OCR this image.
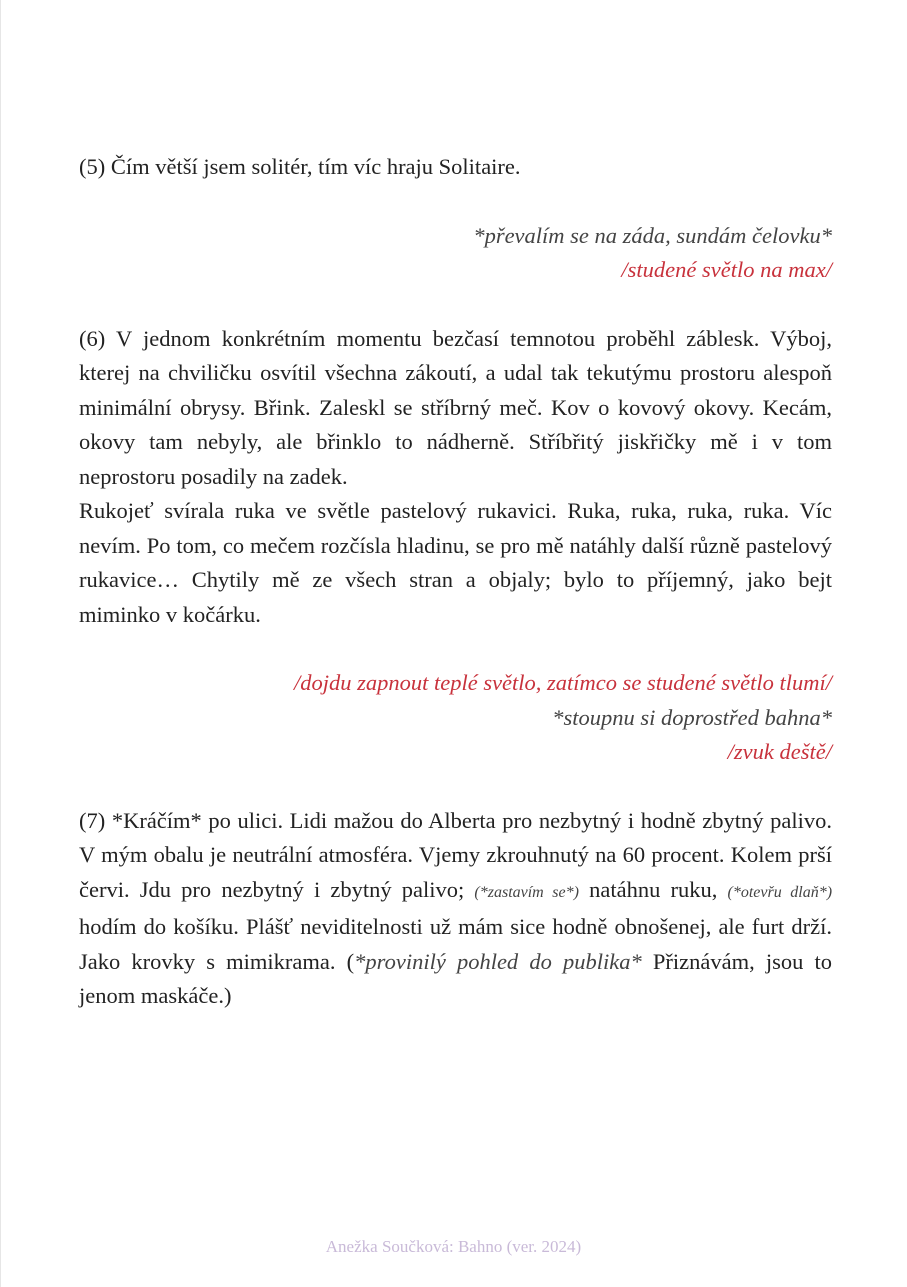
(5) Čím větší jsem solitér, tím víc hraju Solitaire.

*převalím se na záda, sundám čelovku*

/studené světlo na max/

(6) V jednom konkrétním momentu bezčasí temnotou proběhl záblesk. Výboj, kterej na chviličku osvítil všechna zákoutí, a udal tak tekutýmu prostoru alespoň minimální obrysy. Břink. Zaleskl se stříbrný meč. Kov o kovový okovy. Kecám, okovy tam nebyly, ale břinklo to nádherně. Stříbřitý jiskřičky mě i v tom neprostoru posadily na zadek.

Rukojeť svírala ruka ve světle pastelový rukavici. Ruka, ruka, ruka, ruka. Víc nevím. Po tom, co mečem rozčísla hladinu, se pro mě natáhly další různě pastelový rukavice… Chytily mě ze všech stran a objaly; bylo to příjemný, jako bejt miminko v kočárku.

/dojdu zapnout teplé světlo, zatímco se studené světlo tlumí/

*stoupnu si doprostřed bahna*

/zvuk deště/

(7) *Kráčím* po ulici. Lidi mažou do Alberta pro nezbytný i hodně zbytný palivo. V mým obalu je neutrální atmosféra. Vjemy zkrouhnutý na 60 procent. Kolem prší červi. Jdu pro nezbytný i zbytný palivo; (*zastavím se*) natáhnu ruku, (*otevřu dlaň*) hodím do košíku. Plášť neviditelnosti už mám sice hodně obnošenej, ale furt drží. Jako krovky s mimikrama. (*provinilý pohled do publika* Přiznávám, jsou to jenom maskáče.)

Anežka Součková: Bahno (ver. 2024)
